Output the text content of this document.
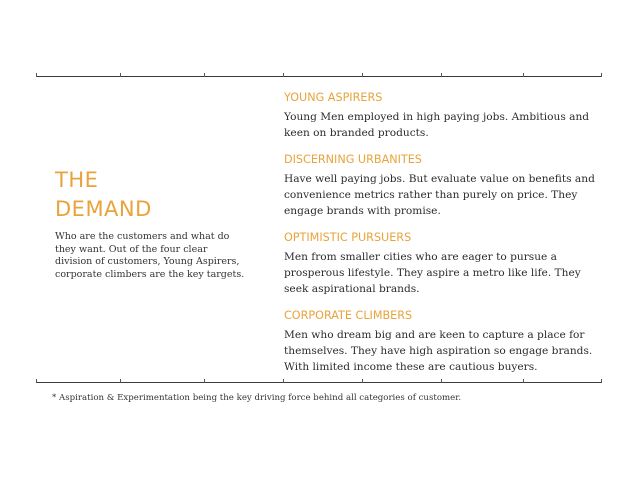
THE
DEMAND
Who are the customers and what do they want. Out of the four clear division of customers, Young Aspirers, corporate climbers are the key targets.
YOUNG ASPIRERS
Young Men employed in high paying jobs. Ambitious and keen on branded products.
DISCERNING URBANITES
Have well paying jobs. But evaluate value on benefits and convenience metrics rather than purely on price. They engage brands with promise.
OPTIMISTIC PURSUERS
Men from smaller cities who are eager to pursue a prosperous lifestyle. They aspire a metro like life. They seek aspirational brands.
CORPORATE CLIMBERS
Men who dream big and are keen to capture a place for themselves. They have high aspiration so engage brands. With limited income these are cautious buyers.
* Aspiration & Experimentation being the key driving force behind all categories of customer.
